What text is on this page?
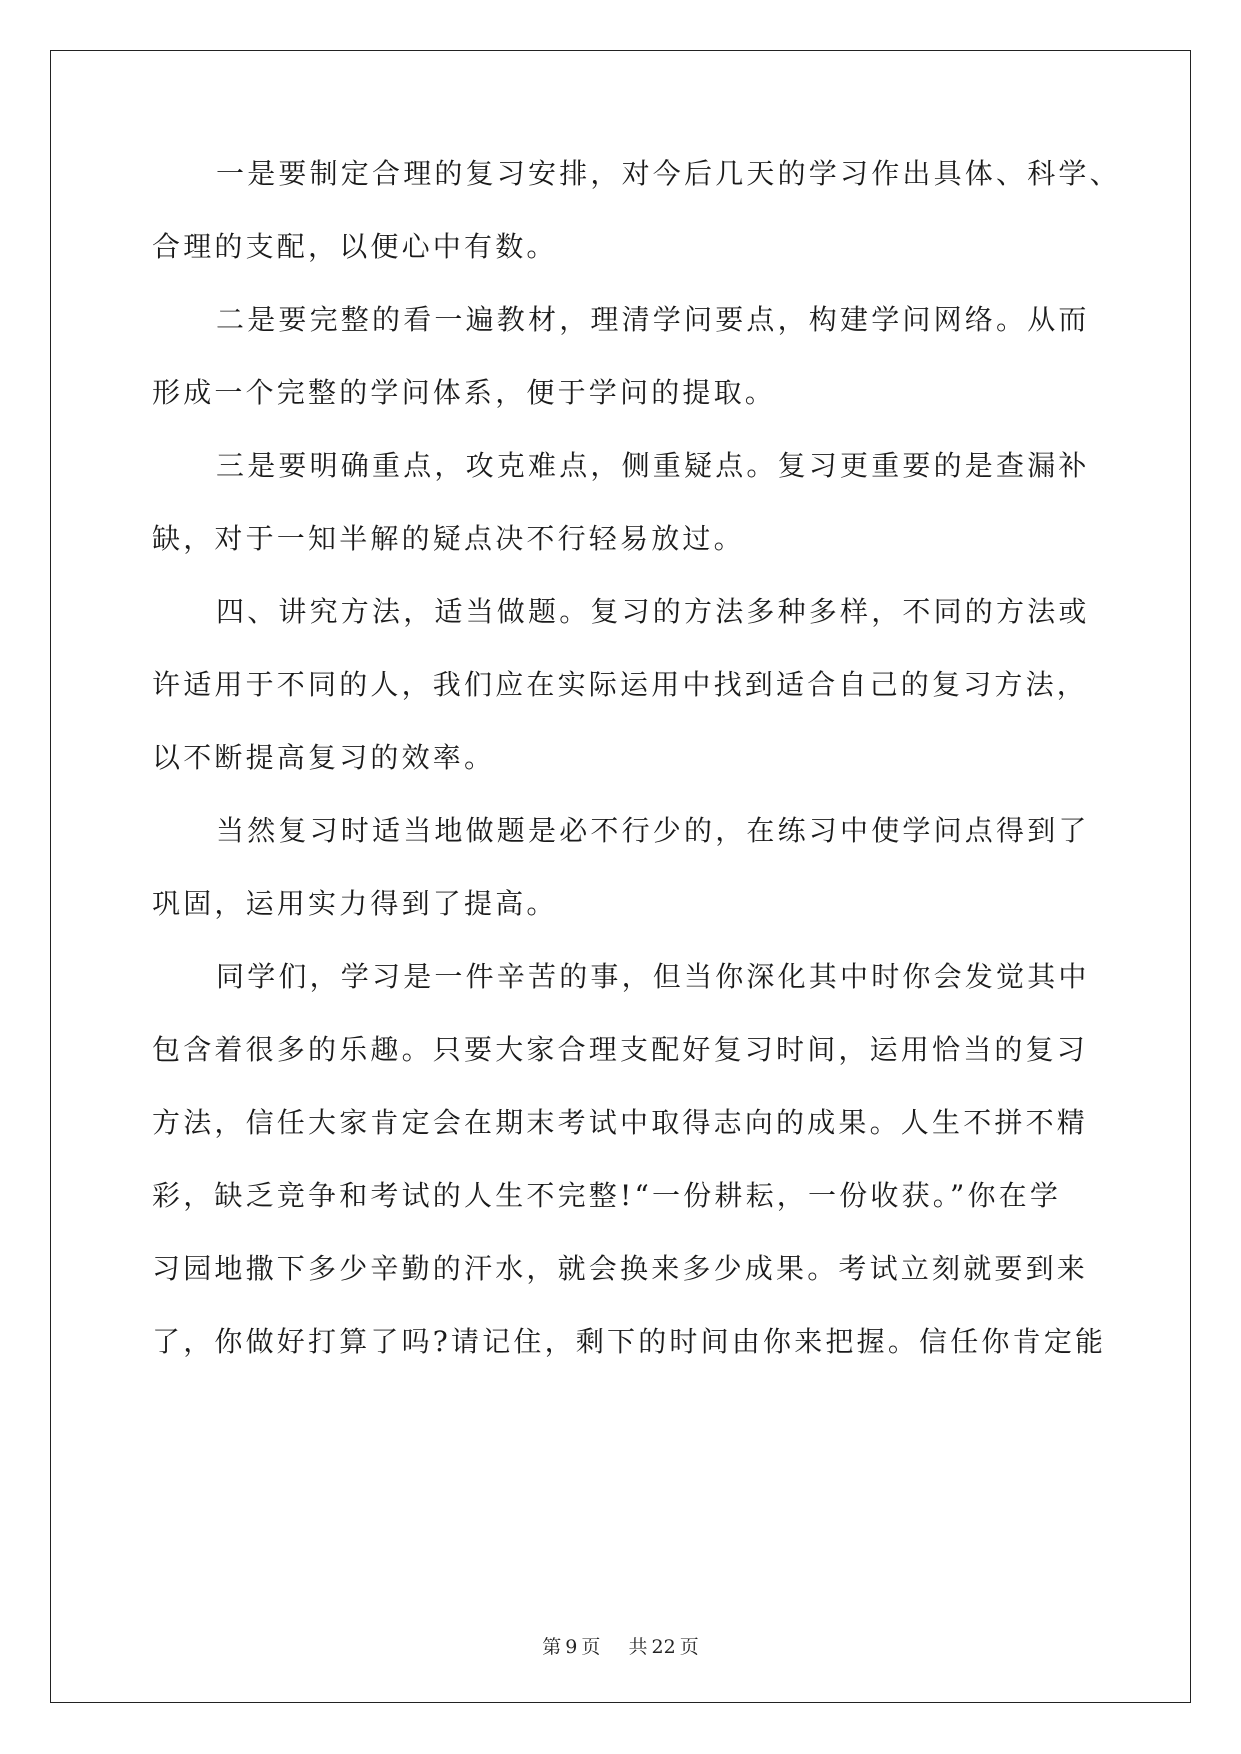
一是要制定合理的复习安排，对今后几天的学习作出具体、科学、
合理的支配，以便心中有数。
二是要完整的看一遍教材，理清学问要点，构建学问网络。从而
形成一个完整的学问体系，便于学问的提取。
三是要明确重点，攻克难点，侧重疑点。复习更重要的是查漏补
缺，对于一知半解的疑点决不行轻易放过。
四、讲究方法，适当做题。复习的方法多种多样，不同的方法或
许适用于不同的人，我们应在实际运用中找到适合自己的复习方法，
以不断提高复习的效率。
当然复习时适当地做题是必不行少的，在练习中使学问点得到了
巩固，运用实力得到了提高。
同学们，学习是一件辛苦的事，但当你深化其中时你会发觉其中
包含着很多的乐趣。只要大家合理支配好复习时间，运用恰当的复习
方法，信任大家肯定会在期末考试中取得志向的成果。人生不拼不精
彩，缺乏竞争和考试的人生不完整!“一份耕耘，一份收获。”你在学
习园地撒下多少辛勤的汗水，就会换来多少成果。考试立刻就要到来
了，你做好打算了吗?请记住，剩下的时间由你来把握。信任你肯定能
第 9 页 共 22 页
